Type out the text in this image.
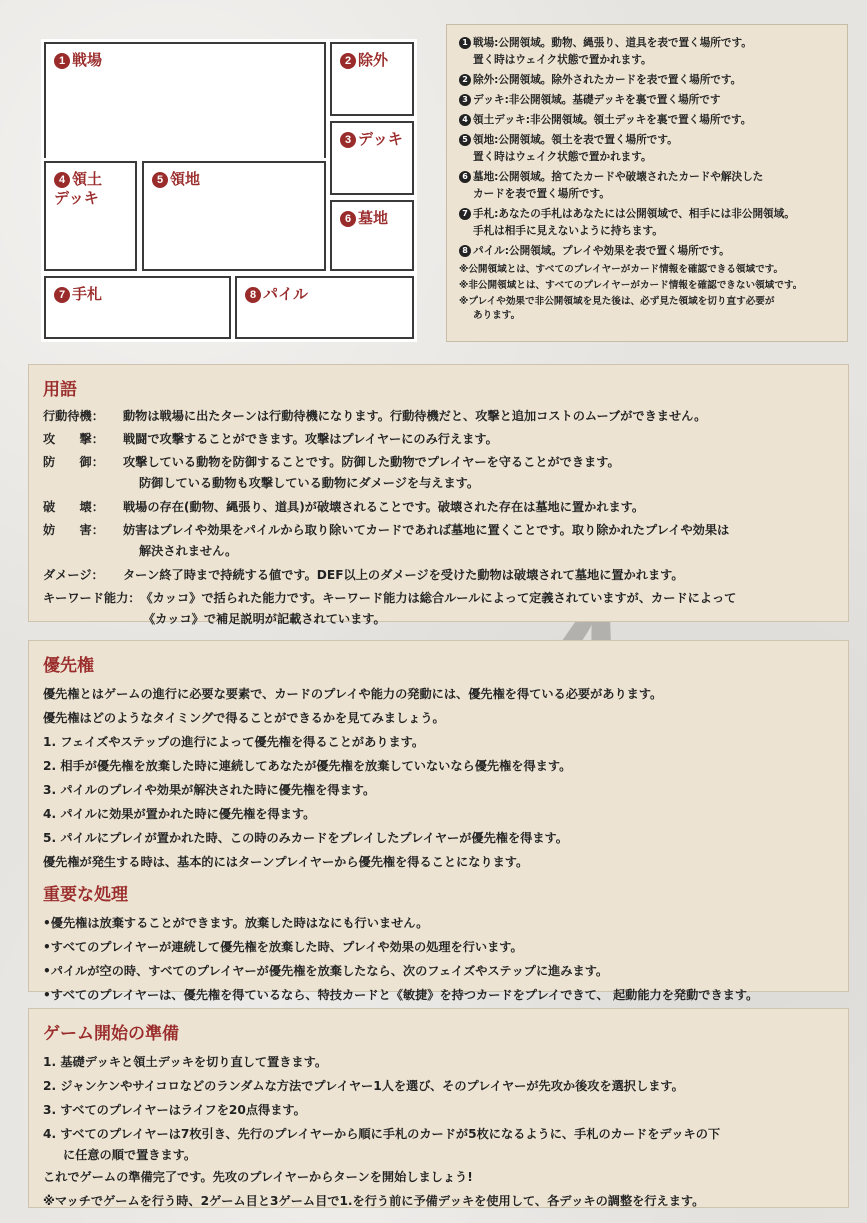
1 戦場	2 除外
3 デッキ
4 領土
デッキ
5 領地
6 墓地
7 手札	8 パイル
1 戦場:公開領域。動物、縄張り、道具を表で置く場所です。
置く時はウェイク状態で置かれます。
2 除外:公開領域。除外されたカードを表で置く場所です。
3 デッキ:非公開領域。基礎デッキを裏で置く場所です
4 領土デッキ:非公開領域。領土デッキを裏で置く場所です。
5 領地:公開領域。領土を表で置く場所です。
置く時はウェイク状態で置かれます。
6 墓地:公開領域。捨てたカードや破壊されたカードや解決した
カードを表で置く場所です。
7 手札:あなたの手札はあなたには公開領域で、相手には非公開領域。
手札は相手に見えないように持ちます。
8 パイル:公開領域。プレイや効果を表で置く場所です。
※公開領域とは、すべてのプレイヤーがカード情報を確認できる領域です。
※非公開領域とは、すべてのプレイヤーがカード情報を確認できない領域です。
※プレイや効果で非公開領域を見た後は、必ず見た領域を切り直す必要が
あります。
用語
行動待機： 動物は戦場に出たターンは行動待機になります。行動待機だと、攻撃と追加コストのムーブができません。
攻　　撃： 戦闘で攻撃することができます。攻撃はプレイヤーにのみ行えます。
防　　御： 攻撃している動物を防御することです。防御した動物でプレイヤーを守ることができます。
防御している動物も攻撃している動物にダメージを与えます。
破　　壊： 戦場の存在(動物、縄張り、道具)が破壊されることです。破壊された存在は墓地に置かれます。
妨　　害： 妨害はプレイや効果をパイルから取り除いてカードであれば墓地に置くことです。取り除かれたプレイや効果は
解決されません。
ダメージ： ターン終了時まで持続する値です。DEF以上のダメージを受けた動物は破壊されて墓地に置かれます。
キーワード能力：《カッコ》で括られた能力です。キーワード能力は総合ルールによって定義されていますが、カードによって
《カッコ》で補足説明が記載されています。
優先権
優先権とはゲームの進行に必要な要素で、カードのプレイや能力の発動には、優先権を得ている必要があります。
優先権はどのようなタイミングで得ることができるかを見てみましょう。
1. フェイズやステップの進行によって優先権を得ることがあります。
2. 相手が優先権を放棄した時に連続してあなたが優先権を放棄していないなら優先権を得ます。
3. パイルのプレイや効果が解決された時に優先権を得ます。
4. パイルに効果が置かれた時に優先権を得ます。
5. パイルにプレイが置かれた時、この時のみカードをプレイしたプレイヤーが優先権を得ます。
優先権が発生する時は、基本的にはターンプレイヤーから優先権を得ることになります。
重要な処理
•優先権は放棄することができます。放棄した時はなにも行いません。
•すべてのプレイヤーが連続して優先権を放棄した時、プレイや効果の処理を行います。
•パイルが空の時、すべてのプレイヤーが優先権を放棄したなら、次のフェイズやステップに進みます。
•すべてのプレイヤーは、優先権を得ているなら、特技カードと《敏捷》を持つカードをプレイできて、 起動能力を発動できます。
ゲーム開始の準備
1. 基礎デッキと領土デッキを切り直して置きます。
2. ジャンケンやサイコロなどのランダムな方法でプレイヤー1人を選び、そのプレイヤーが先攻か後攻を選択します。
3. すべてのプレイヤーはライフを20点得ます。
4. すべてのプレイヤーは7枚引き、先行のプレイヤーから順に手札のカードが5枚になるように、手札のカードをデッキの下
に任意の順で置きます。
これでゲームの準備完了です。先攻のプレイヤーからターンを開始しましょう!
※マッチでゲームを行う時、2ゲーム目と3ゲーム目で1.を行う前に予備デッキを使用して、各デッキの調整を行えます。
